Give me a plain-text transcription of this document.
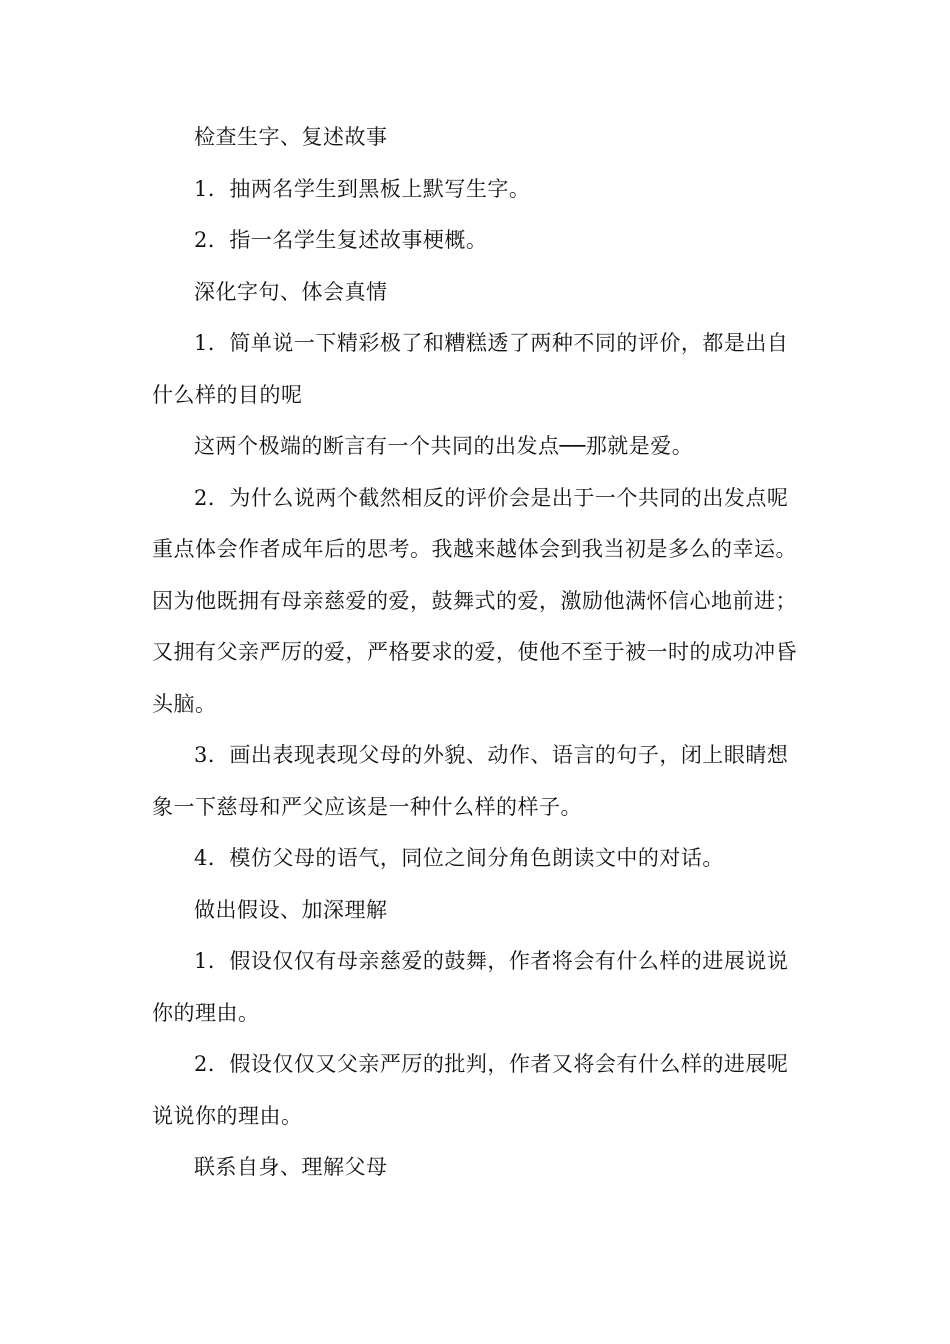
检查生字、复述故事

1．抽两名学生到黑板上默写生字。

2．指一名学生复述故事梗概。

深化字句、体会真情

1．简单说一下精彩极了和糟糕透了两种不同的评价，都是出自什么样的目的呢

这两个极端的断言有一个共同的出发点──那就是爱。

2．为什么说两个截然相反的评价会是出于一个共同的出发点呢重点体会作者成年后的思考。我越来越体会到我当初是多么的幸运。因为他既拥有母亲慈爱的爱，鼓舞式的爱，激励他满怀信心地前进；又拥有父亲严厉的爱，严格要求的爱，使他不至于被一时的成功冲昏头脑。

3．画出表现表现父母的外貌、动作、语言的句子，闭上眼睛想象一下慈母和严父应该是一种什么样的样子。

4．模仿父母的语气，同位之间分角色朗读文中的对话。

做出假设、加深理解

1．假设仅仅有母亲慈爱的鼓舞，作者将会有什么样的进展说说你的理由。

2．假设仅仅又父亲严厉的批判，作者又将会有什么样的进展呢说说你的理由。

联系自身、理解父母
